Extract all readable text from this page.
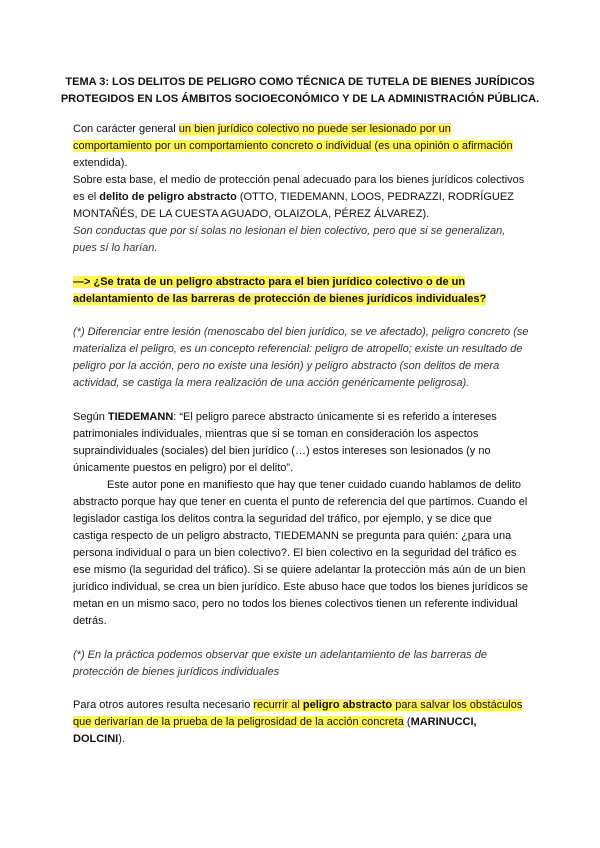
TEMA 3: LOS DELITOS DE PELIGRO COMO TÉCNICA DE TUTELA DE BIENES JURÍDICOS
PROTEGIDOS EN LOS ÁMBITOS SOCIOECONÓMICO Y DE LA ADMINISTRACIÓN PÚBLICA.
Con carácter general un bien jurídico colectivo no puede ser lesionado por un comportamiento por un comportamiento concreto o individual (es una opinión o afirmación extendida).
Sobre esta base, el medio de protección penal adecuado para los bienes jurídicos colectivos es el delito de peligro abstracto (OTTO, TIEDEMANN, LOOS, PEDRAZZI, RODRÍGUEZ MONTAÑÉS, DE LA CUESTA AGUADO, OLAIZOLA, PÉREZ ÁLVAREZ).
Son conductas que por sí solas no lesionan el bien colectivo, pero que si se generalizan, pues sí lo harían.
—> ¿Se trata de un peligro abstracto para el bien jurídico colectivo o de un adelantamiento de las barreras de protección de bienes jurídicos individuales?
(*) Diferenciar entre lesión (menoscabo del bien jurídico, se ve afectado), peligro concreto (se materializa el peligro, es un concepto referencial: peligro de atropello; existe un resultado de peligro por la acción, pero no existe una lesión) y peligro abstracto (son delitos de mera actividad, se castiga la mera realización de una acción genéricamente peligrosa).
Según TIEDEMANN: “El peligro parece abstracto únicamente si es referido a intereses patrimoniales individuales, mientras que si se toman en consideración los aspectos supraindividuales (sociales) del bien jurídico (…) estos intereses son lesionados (y no únicamente puestos en peligro) por el delito”.
Este autor pone en manifiesto que hay que tener cuidado cuando hablamos de delito abstracto porque hay que tener en cuenta el punto de referencia del que partimos. Cuando el legislador castiga los delitos contra la seguridad del tráfico, por ejemplo, y se dice que castiga respecto de un peligro abstracto, TIEDEMANN se pregunta para quién: ¿para una persona individual o para un bien colectivo?. El bien colectivo en la seguridad del tráfico es ese mismo (la seguridad del tráfico). Si se quiere adelantar la protección más aún de un bien jurídico individual, se crea un bien jurídico. Este abuso hace que todos los bienes jurídicos se metan en un mismo saco, pero no todos los bienes colectivos tienen un referente individual detrás.
(*) En la práctica podemos observar que existe un adelantamiento de las barreras de protección de bienes jurídicos individuales
Para otros autores resulta necesario recurrir al peligro abstracto para salvar los obstáculos que derivarían de la prueba de la peligrosidad de la acción concreta (MARINUCCI, DOLCINI).
